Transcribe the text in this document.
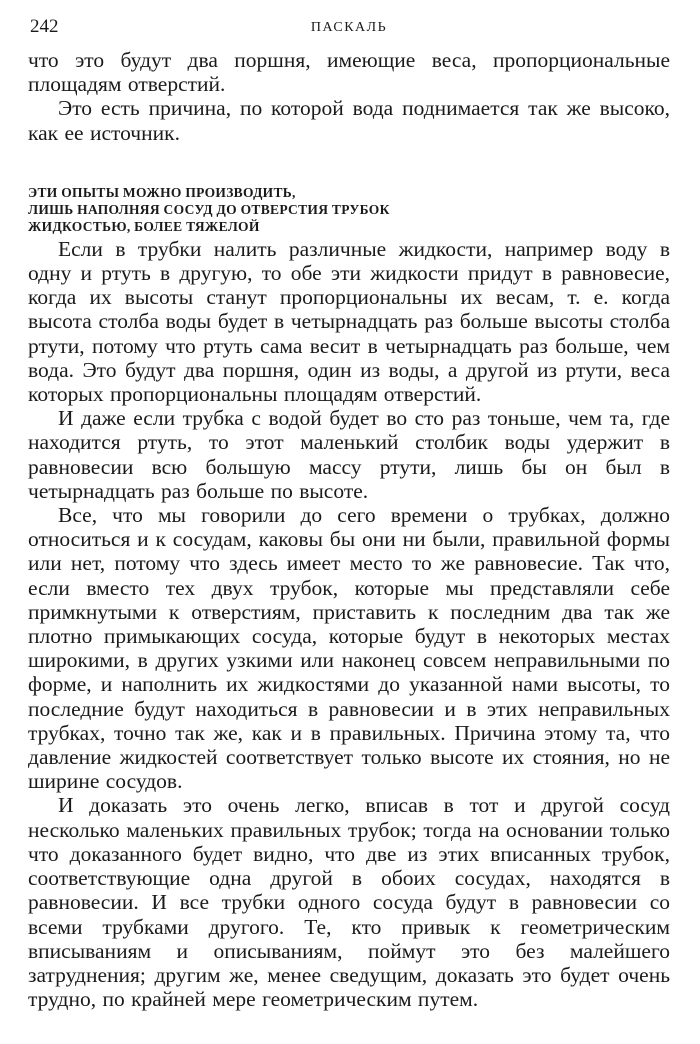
242	ПАСКАЛЬ

что это будут два поршня, имеющие веса, пропорциональные площадям отверстий.

Это есть причина, по которой вода поднимается так же высоко, как ее источник.

ЭТИ ОПЫТЫ МОЖНО ПРОИЗВОДИТЬ,
ЛИШЬ НАПОЛНЯЯ СОСУД ДО ОТВЕРСТИЯ ТРУБОК
ЖИДКОСТЬЮ, БОЛЕЕ ТЯЖЕЛОЙ

Если в трубки налить различные жидкости, например воду в одну и ртуть в другую, то обе эти жидкости придут в равновесие, когда их высоты станут пропорциональны их весам, т. е. когда высота столба воды будет в четырнадцать раз больше высоты столба ртути, потому что ртуть сама весит в четырнадцать раз больше, чем вода. Это будут два поршня, один из воды, а другой из ртути, веса которых пропорциональны площадям отверстий.

И даже если трубка с водой будет во сто раз тоньше, чем та, где находится ртуть, то этот маленький столбик воды удержит в равновесии всю большую массу ртути, лишь бы он был в четырнадцать раз больше по высоте.

Все, что мы говорили до сего времени о трубках, должно относиться и к сосудам, каковы бы они ни были, правильной формы или нет, потому что здесь имеет место то же равновесие. Так что, если вместо тех двух трубок, которые мы представляли себе примкнутыми к отверстиям, приставить к последним два так же плотно примыкающих сосуда, которые будут в некоторых местах широкими, в других узкими или наконец совсем неправильными по форме, и наполнить их жидкостями до указанной нами высоты, то последние будут находиться в равновесии и в этих неправильных трубках, точно так же, как и в правильных. Причина этому та, что давление жидкостей соответствует только высоте их стояния, но не ширине сосудов.

И доказать это очень легко, вписав в тот и другой сосуд несколько маленьких правильных трубок; тогда на основании только что доказанного будет видно, что две из этих вписанных трубок, соответствующие одна другой в обоих сосудах, находятся в равновесии. И все трубки одного сосуда будут в равновесии со всеми трубками другого. Те, кто привык к геометрическим вписываниям и описываниям, поймут это без малейшего затруднения; другим же, менее сведущим, доказать это будет очень трудно, по крайней мере геометрическим путем.
